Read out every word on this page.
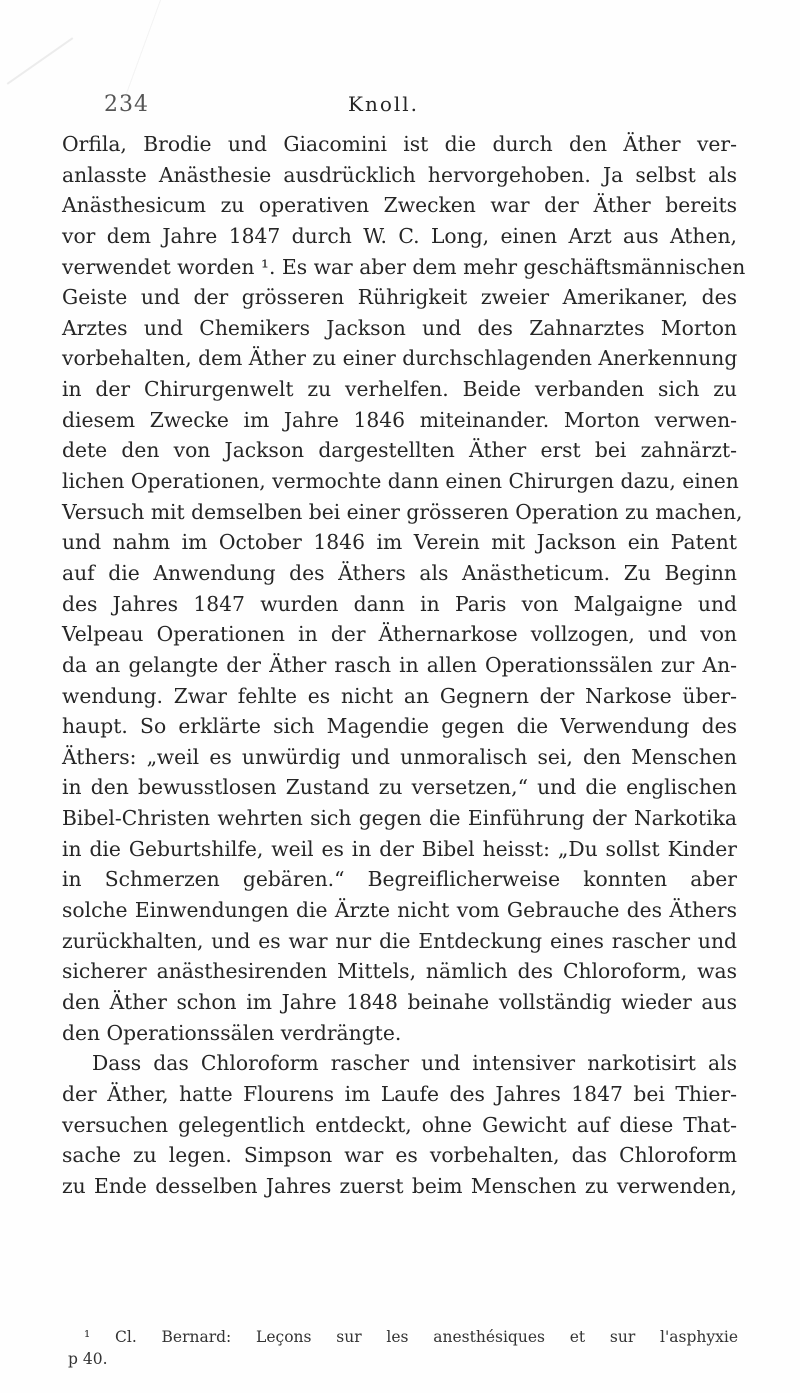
234	Knoll.
Orfila, Brodie und Giacomini ist die durch den Äther ver-
anlasste Anästhesie ausdrücklich hervorgehoben. Ja selbst als
Anästhesicum zu operativen Zwecken war der Äther bereits
vor dem Jahre 1847 durch W. C. Long, einen Arzt aus Athen,
verwendet worden ¹. Es war aber dem mehr geschäftsmännischen
Geiste und der grösseren Rührigkeit zweier Amerikaner, des
Arztes und Chemikers Jackson und des Zahnarztes Morton
vorbehalten, dem Äther zu einer durchschlagenden Anerkennung
in der Chirurgenwelt zu verhelfen. Beide verbanden sich zu
diesem Zwecke im Jahre 1846 miteinander. Morton verwen-
dete den von Jackson dargestellten Äther erst bei zahnärzt-
lichen Operationen, vermochte dann einen Chirurgen dazu, einen
Versuch mit demselben bei einer grösseren Operation zu machen,
und nahm im October 1846 im Verein mit Jackson ein Patent
auf die Anwendung des Äthers als Anästheticum. Zu Beginn
des Jahres 1847 wurden dann in Paris von Malgaigne und
Velpeau Operationen in der Äthernarkose vollzogen, und von
da an gelangte der Äther rasch in allen Operationssälen zur An-
wendung. Zwar fehlte es nicht an Gegnern der Narkose über-
haupt. So erklärte sich Magendie gegen die Verwendung des
Äthers: „weil es unwürdig und unmoralisch sei, den Menschen
in den bewusstlosen Zustand zu versetzen,“ und die englischen
Bibel-Christen wehrten sich gegen die Einführung der Narkotika
in die Geburtshilfe, weil es in der Bibel heisst: „Du sollst Kinder
in Schmerzen gebären.“ Begreiflicherweise konnten aber
solche Einwendungen die Ärzte nicht vom Gebrauche des Äthers
zurückhalten, und es war nur die Entdeckung eines rascher und
sicherer anästhesirenden Mittels, nämlich des Chloroform, was
den Äther schon im Jahre 1848 beinahe vollständig wieder aus
den Operationssälen verdrängte.
Dass das Chloroform rascher und intensiver narkotisirt als
der Äther, hatte Flourens im Laufe des Jahres 1847 bei Thier-
versuchen gelegentlich entdeckt, ohne Gewicht auf diese That-
sache zu legen. Simpson war es vorbehalten, das Chloroform
zu Ende desselben Jahres zuerst beim Menschen zu verwenden,
¹ Cl. Bernard: Leçons sur les anesthésiques et sur l'asphyxie
p 40.
